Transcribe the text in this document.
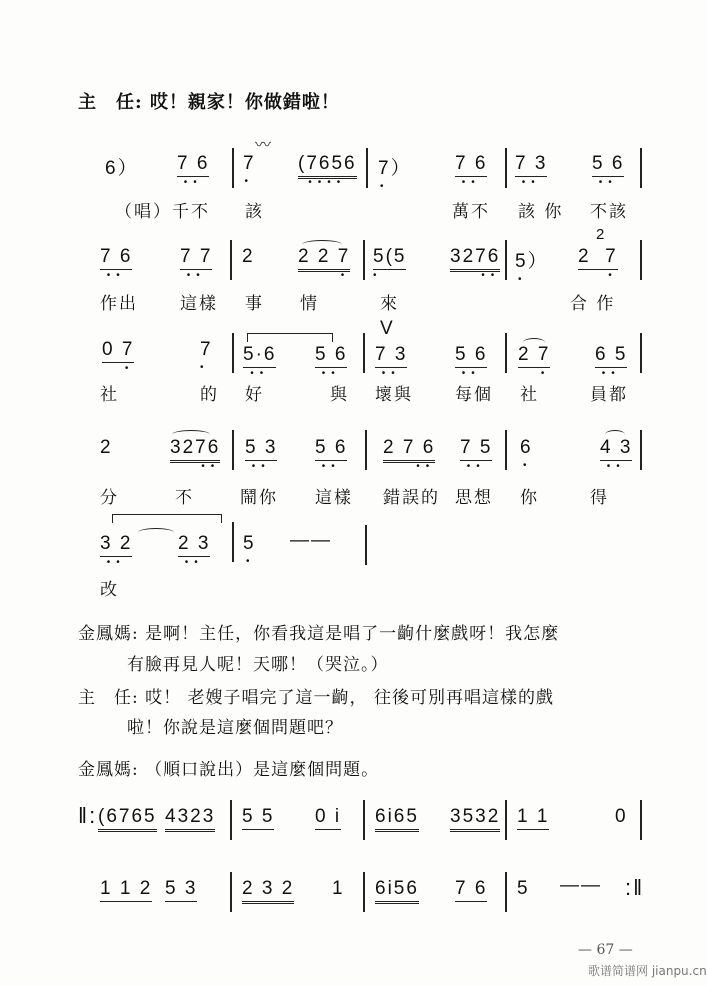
主　任: 哎！親家！你做錯啦！
6） 7 6
••
7
•
〰
(7656
••••
7）
•
7 6
••
7 3
••
5 6
••
（唱） 千不 該	萬不 該 你 不該
7 6
••
7 7
••
2 2 2 7
•
5(5
•
3276
••
5）
•
2
2 7
•
作出 這樣 事 情	來	合 作
0 7
•
7
•
5·6
••
5 6
••
V
7 3
••
5 6
••
2 7
•
6 5
••
社	的 好	與 壞與 每個 社	員都
2	3276
••
5 3
••
5 6
••
2 7 6
••
7 5
••
6
•
4 3
••
分	不	鬧你 這樣 錯誤的 思想 你	得
3 2
••
2 3
••
5
•
——
改
金鳳媽: 是啊！主任，你看我這是唱了一齣什麼戲呀！我怎麼
有臉再見人呢！天哪！（哭泣。）
主　任: 哎！ 老嫂子唱完了這一齣， 往後可別再唱這樣的戲
啦！你說是這麼個問題吧？
金鳳媽: （順口說出）是這麼個問題。
‖: (6765 4323 5 5 0 i 6i65 3532 1 1	0
1 1 2 5 3 2 3 2 1 6i56 7 6 5 —— :‖
— 67 —
歌谱简谱网 jianpu.cn
